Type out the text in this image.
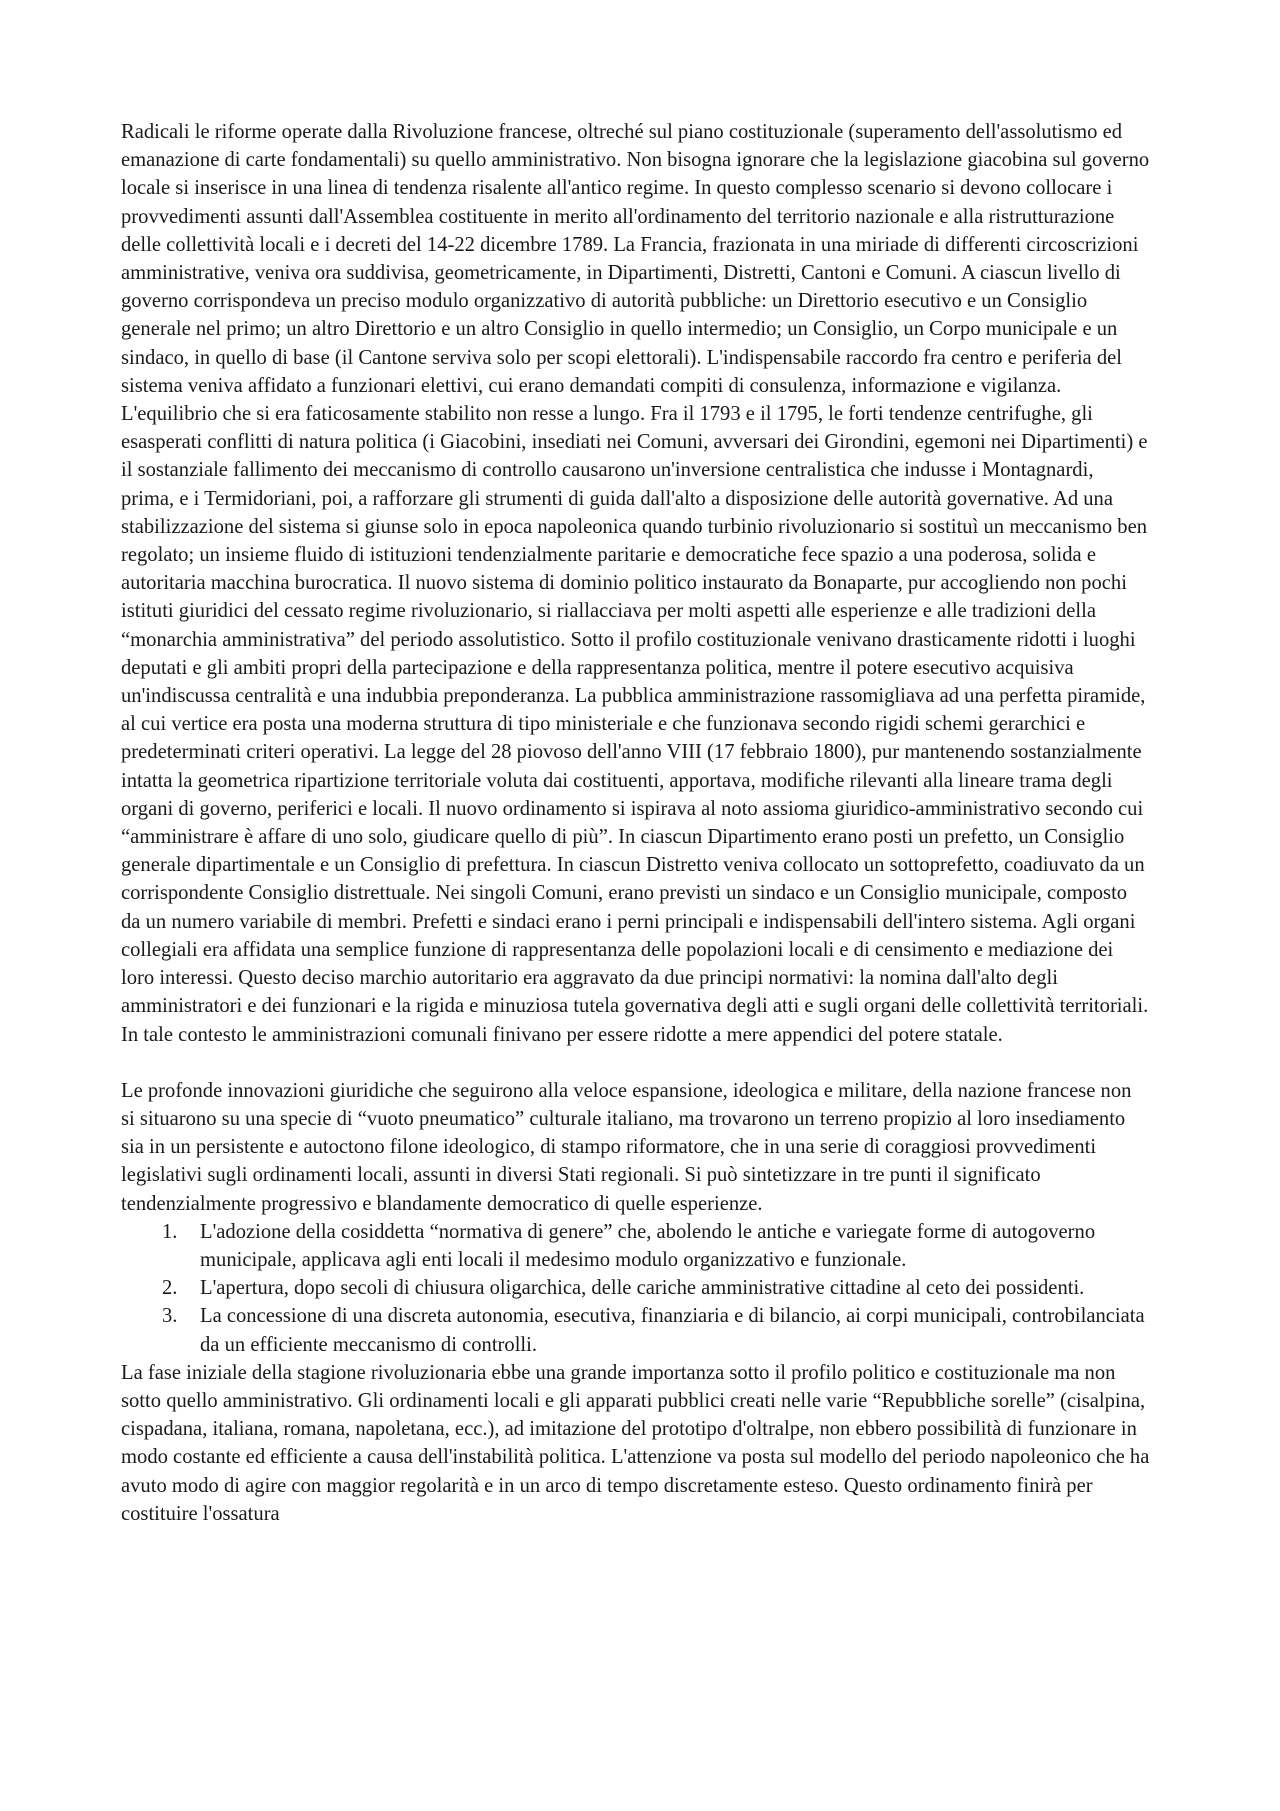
Radicali le riforme operate dalla Rivoluzione francese, oltreché sul piano costituzionale (superamento dell'assolutismo ed emanazione di carte fondamentali) su quello amministrativo. Non bisogna ignorare che la legislazione giacobina sul governo locale si inserisce in una linea di tendenza risalente all'antico regime. In questo complesso scenario si devono collocare i provvedimenti assunti dall'Assemblea costituente in merito all'ordinamento del territorio nazionale e alla ristrutturazione delle collettività locali e i decreti del 14-22 dicembre 1789. La Francia, frazionata in una miriade di differenti circoscrizioni amministrative, veniva ora suddivisa, geometricamente, in Dipartimenti, Distretti, Cantoni e Comuni. A ciascun livello di governo corrispondeva un preciso modulo organizzativo di autorità pubbliche: un Direttorio esecutivo e un Consiglio generale nel primo; un altro Direttorio e un altro Consiglio in quello intermedio; un Consiglio, un Corpo municipale e un sindaco, in quello di base (il Cantone serviva solo per scopi elettorali). L'indispensabile raccordo fra centro e periferia del sistema veniva affidato a funzionari elettivi, cui erano demandati compiti di consulenza, informazione e vigilanza. L'equilibrio che si era faticosamente stabilito non resse a lungo. Fra il 1793 e il 1795, le forti tendenze centrifughe, gli esasperati conflitti di natura politica (i Giacobini, insediati nei Comuni, avversari dei Girondini, egemoni nei Dipartimenti) e il sostanziale fallimento dei meccanismo di controllo causarono un'inversione centralistica che indusse i Montagnardi, prima, e i Termidoriani, poi, a rafforzare gli strumenti di guida dall'alto a disposizione delle autorità governative. Ad una stabilizzazione del sistema si giunse solo in epoca napoleonica quando turbinio rivoluzionario si sostituì un meccanismo ben regolato; un insieme fluido di istituzioni tendenzialmente paritarie e democratiche fece spazio a una poderosa, solida e autoritaria macchina burocratica. Il nuovo sistema di dominio politico instaurato da Bonaparte, pur accogliendo non pochi istituti giuridici del cessato regime rivoluzionario, si riallacciava per molti aspetti alle esperienze e alle tradizioni della “monarchia amministrativa” del periodo assolutistico. Sotto il profilo costituzionale venivano drasticamente ridotti i luoghi deputati e gli ambiti propri della partecipazione e della rappresentanza politica, mentre il potere esecutivo acquisiva un'indiscussa centralità e una indubbia preponderanza. La pubblica amministrazione rassomigliava ad una perfetta piramide, al cui vertice era posta una moderna struttura di tipo ministeriale e che funzionava secondo rigidi schemi gerarchici e predeterminati criteri operativi. La legge del 28 piovoso dell'anno VIII (17 febbraio 1800), pur mantenendo sostanzialmente intatta la geometrica ripartizione territoriale voluta dai costituenti, apportava, modifiche rilevanti alla lineare trama degli organi di governo, periferici e locali. Il nuovo ordinamento si ispirava al noto assioma giuridico-amministrativo secondo cui “amministrare è affare di uno solo, giudicare quello di più”. In ciascun Dipartimento erano posti un prefetto, un Consiglio generale dipartimentale e un Consiglio di prefettura. In ciascun Distretto veniva collocato un sottoprefetto, coadiuvato da un corrispondente Consiglio distrettuale. Nei singoli Comuni, erano previsti un sindaco e un Consiglio municipale, composto da un numero variabile di membri. Prefetti e sindaci erano i perni principali e indispensabili dell'intero sistema. Agli organi collegiali era affidata una semplice funzione di rappresentanza delle popolazioni locali e di censimento e mediazione dei loro interessi. Questo deciso marchio autoritario era aggravato da due principi normativi: la nomina dall'alto degli amministratori e dei funzionari e la rigida e minuziosa tutela governativa degli atti e sugli organi delle collettività territoriali. In tale contesto le amministrazioni comunali finivano per essere ridotte a mere appendici del potere statale.

Le profonde innovazioni giuridiche che seguirono alla veloce espansione, ideologica e militare, della nazione francese non si situarono su una specie di “vuoto pneumatico” culturale italiano, ma trovarono un terreno propizio al loro insediamento sia in un persistente e autoctono filone ideologico, di stampo riformatore, che in una serie di coraggiosi provvedimenti legislativi sugli ordinamenti locali, assunti in diversi Stati regionali. Si può sintetizzare in tre punti il significato tendenzialmente progressivo e blandamente democratico di quelle esperienze.

1. L'adozione della cosiddetta “normativa di genere” che, abolendo le antiche e variegate forme di autogoverno municipale, applicava agli enti locali il medesimo modulo organizzativo e funzionale.
2. L'apertura, dopo secoli di chiusura oligarchica, delle cariche amministrative cittadine al ceto dei possidenti.
3. La concessione di una discreta autonomia, esecutiva, finanziaria e di bilancio, ai corpi municipali, controbilanciata da un efficiente meccanismo di controlli.

La fase iniziale della stagione rivoluzionaria ebbe una grande importanza sotto il profilo politico e costituzionale ma non sotto quello amministrativo. Gli ordinamenti locali e gli apparati pubblici creati nelle varie “Repubbliche sorelle” (cisalpina, cispadana, italiana, romana, napoletana, ecc.), ad imitazione del prototipo d'oltralpe, non ebbero possibilità di funzionare in modo costante ed efficiente a causa dell'instabilità politica. L'attenzione va posta sul modello del periodo napoleonico che ha avuto modo di agire con maggior regolarità e in un arco di tempo discretamente esteso. Questo ordinamento finirà per costituire l'ossatura
